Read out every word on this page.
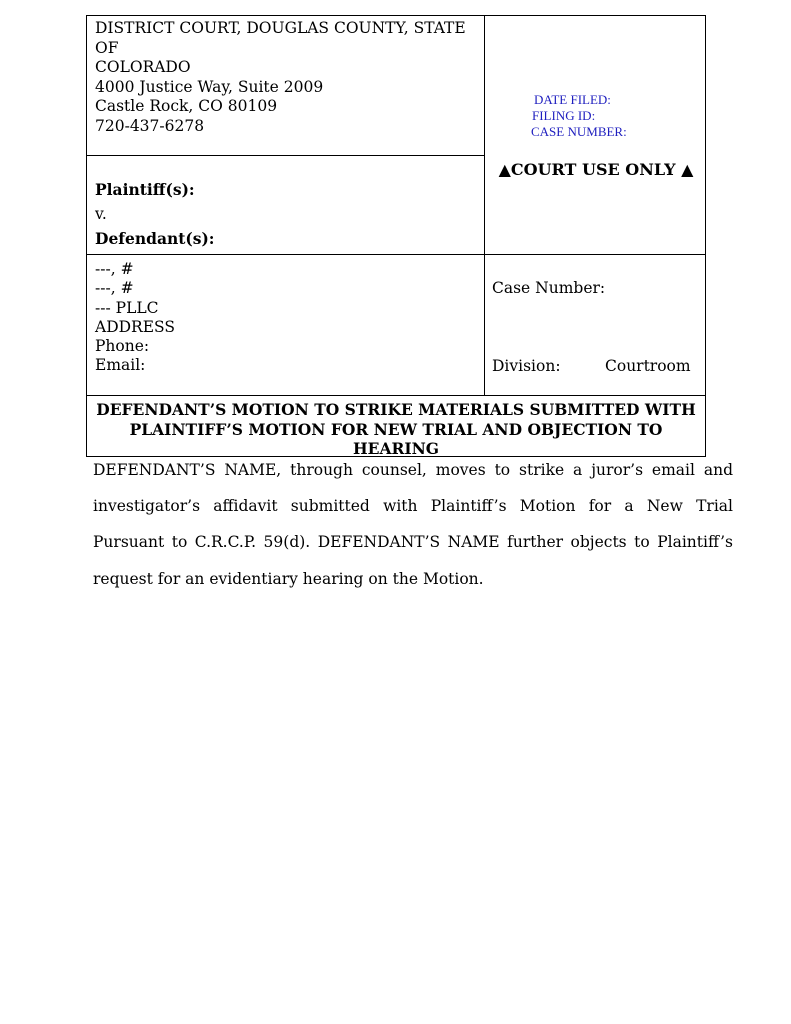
DISTRICT COURT, DOUGLAS COUNTY, STATE
OF
COLORADO
4000 Justice Way, Suite 2009
Castle Rock, CO 80109
720-437-6278
DATE FILED:
FILING ID:
CASE NUMBER:
▲COURT USE ONLY ▲
Plaintiff(s):
v.
Defendant(s):
---, #
---, #
--- PLLC
ADDRESS
Phone:
Email:
Case Number:
Division:	Courtroom
DEFENDANT’S MOTION TO STRIKE MATERIALS SUBMITTED WITH
PLAINTIFF’S MOTION FOR NEW TRIAL AND OBJECTION TO
HEARING
DEFENDANT’S NAME, through counsel, moves to strike a juror’s email and investigator’s affidavit submitted with Plaintiff’s Motion for a New Trial Pursuant to C.R.C.P. 59(d). DEFENDANT’S NAME further objects to Plaintiff’s request for an evidentiary hearing on the Motion.
